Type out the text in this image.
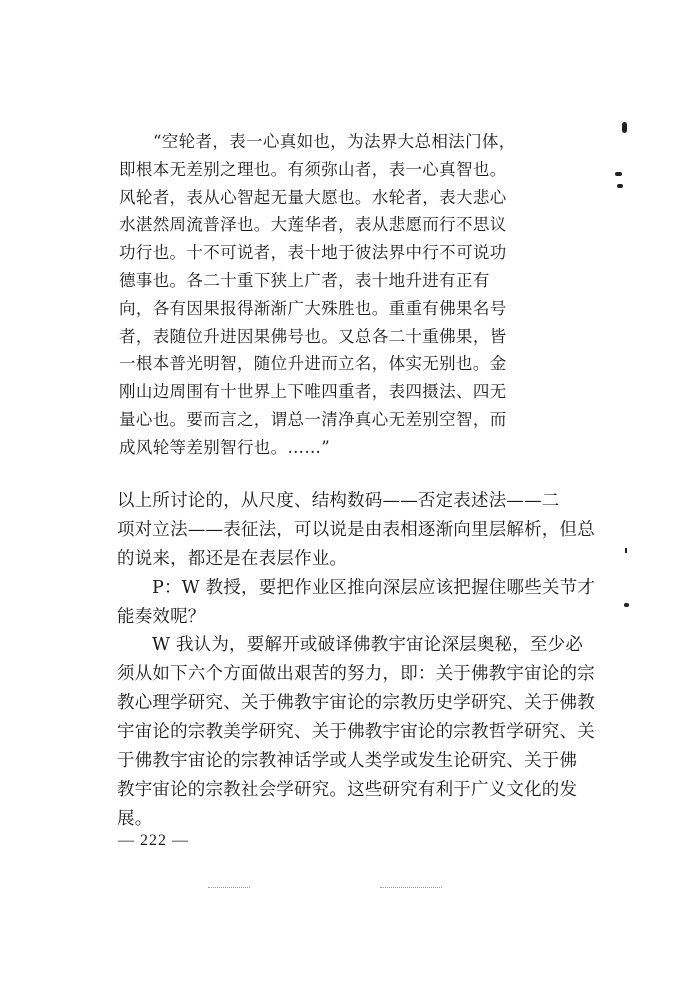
“空轮者，表一心真如也，为法界大总相法门体，
即根本无差别之理也。有须弥山者，表一心真智也。
风轮者，表从心智起无量大愿也。水轮者，表大悲心
水湛然周流普泽也。大莲华者，表从悲愿而行不思议
功行也。十不可说者，表十地于彼法界中行不可说功
德事也。各二十重下狭上广者，表十地升进有正有
向，各有因果报得渐渐广大殊胜也。重重有佛果名号
者，表随位升进因果佛号也。又总各二十重佛果，皆
一根本普光明智，随位升进而立名，体实无别也。金
刚山边周围有十世界上下唯四重者，表四摄法、四无
量心也。要而言之，谓总一清净真心无差别空智，而
成风轮等差别智行也。……”
以上所讨论的，从尺度、结构数码——否定表述法——二
项对立法——表征法，可以说是由表相逐渐向里层解析，但总
的说来，都还是在表层作业。
P：W 教授，要把作业区推向深层应该把握住哪些关节才
能奏效呢？
W 我认为，要解开或破译佛教宇宙论深层奥秘，至少必
须从如下六个方面做出艰苦的努力，即：关于佛教宇宙论的宗
教心理学研究、关于佛教宇宙论的宗教历史学研究、关于佛教
宇宙论的宗教美学研究、关于佛教宇宙论的宗教哲学研究、关
于佛教宇宙论的宗教神话学或人类学或发生论研究、关于佛
教宇宙论的宗教社会学研究。这些研究有利于广义文化的发
展。
— 222 —
